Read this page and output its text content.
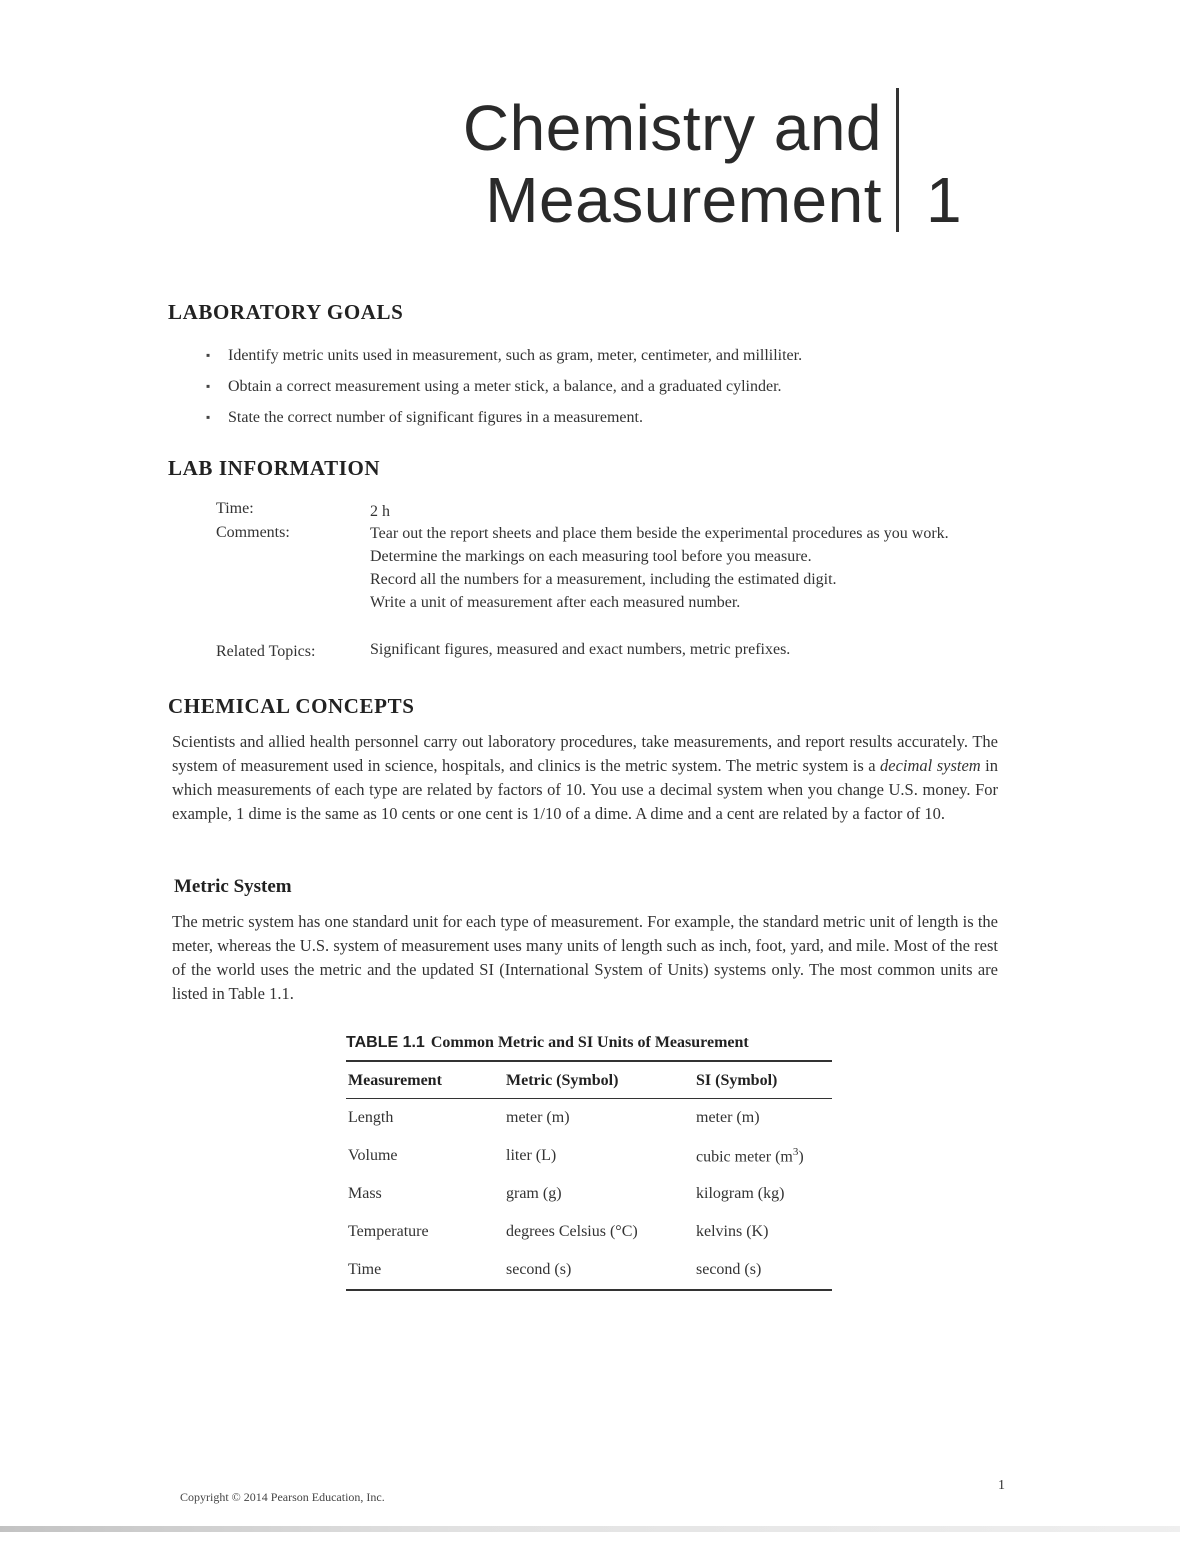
Chemistry and
Measurement 1
LABORATORY GOALS
▪ Identify metric units used in measurement, such as gram, meter, centimeter, and milliliter.
▪ Obtain a correct measurement using a meter stick, a balance, and a graduated cylinder.
▪ State the correct number of significant figures in a measurement.
LAB INFORMATION
Time:	2 h
Comments:	Tear out the report sheets and place them beside the experimental procedures as you work.
Determine the markings on each measuring tool before you measure.
Record all the numbers for a measurement, including the estimated digit.
Write a unit of measurement after each measured number.
Related Topics:	Significant figures, measured and exact numbers, metric prefixes.
CHEMICAL CONCEPTS
Scientists and allied health personnel carry out laboratory procedures, take measurements, and report results accurately. The system of measurement used in science, hospitals, and clinics is the metric system. The metric system is a decimal system in which measurements of each type are related by factors of 10. You use a decimal system when you change U.S. money. For example, 1 dime is the same as 10 cents or one cent is 1/10 of a dime. A dime and a cent are related by a factor of 10.
Metric System
The metric system has one standard unit for each type of measurement. For example, the standard metric unit of length is the meter, whereas the U.S. system of measurement uses many units of length such as inch, foot, yard, and mile. Most of the rest of the world uses the metric and the updated SI (International System of Units) systems only. The most common units are listed in Table 1.1.
TABLE 1.1 Common Metric and SI Units of Measurement
Measurement	Metric (Symbol)	SI (Symbol)
Length	meter (m)	meter (m)
Volume	liter (L)	cubic meter $(m^3)$
Mass	gram (g)	kilogram (kg)
Temperature	degrees Celsius (°C)	kelvins (K)
Time	second (s)	second (s)
1
Copyright © 2014 Pearson Education, Inc.
